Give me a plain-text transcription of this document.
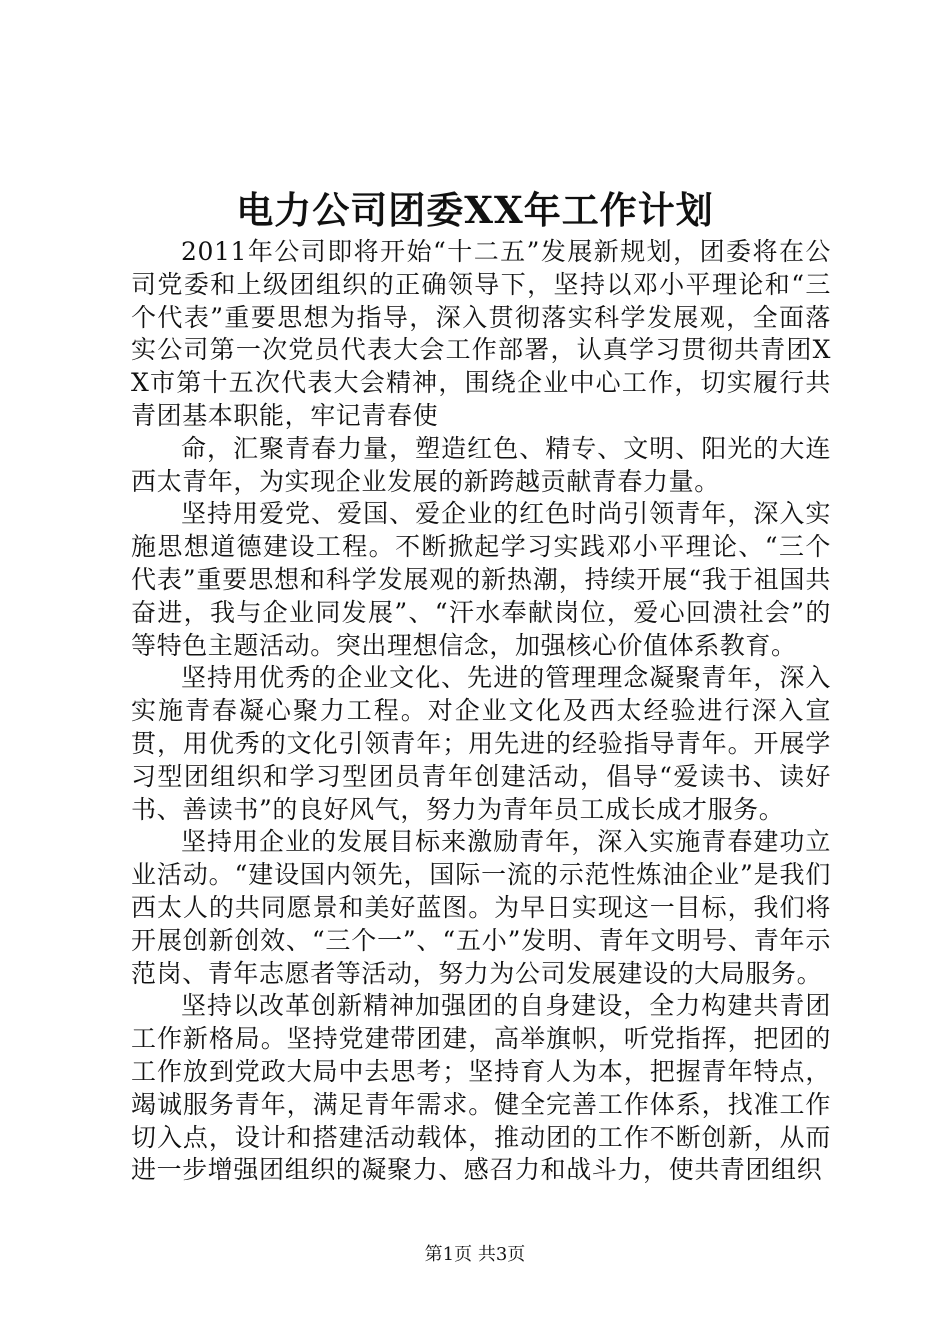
电力公司团委XX年工作计划

2011年公司即将开始“十二五”发展新规划，团委将在公司党委和上级团组织的正确领导下，坚持以邓小平理论和“三个代表”重要思想为指导，深入贯彻落实科学发展观，全面落实公司第一次党员代表大会工作部署，认真学习贯彻共青团XX市第十五次代表大会精神，围绕企业中心工作，切实履行共青团基本职能，牢记青春使

命，汇聚青春力量，塑造红色、精专、文明、阳光的大连西太青年，为实现企业发展的新跨越贡献青春力量。

坚持用爱党、爱国、爱企业的红色时尚引领青年，深入实施思想道德建设工程。不断掀起学习实践邓小平理论、“三个代表”重要思想和科学发展观的新热潮，持续开展“我于祖国共奋进，我与企业同发展”、“汗水奉献岗位，爱心回溃社会”的等特色主题活动。突出理想信念，加强核心价值体系教育。

坚持用优秀的企业文化、先进的管理理念凝聚青年，深入实施青春凝心聚力工程。对企业文化及西太经验进行深入宣贯，用优秀的文化引领青年；用先进的经验指导青年。开展学习型团组织和学习型团员青年创建活动，倡导“爱读书、读好书、善读书”的良好风气，努力为青年员工成长成才服务。

坚持用企业的发展目标来激励青年，深入实施青春建功立业活动。“建设国内领先，国际一流的示范性炼油企业”是我们西太人的共同愿景和美好蓝图。为早日实现这一目标，我们将开展创新创效、“三个一”、“五小”发明、青年文明号、青年示范岗、青年志愿者等活动，努力为公司发展建设的大局服务。

坚持以改革创新精神加强团的自身建设，全力构建共青团工作新格局。坚持党建带团建，高举旗帜，听党指挥，把团的工作放到党政大局中去思考；坚持育人为本，把握青年特点，竭诚服务青年，满足青年需求。健全完善工作体系，找准工作切入点，设计和搭建活动载体，推动团的工作不断创新，从而进一步增强团组织的凝聚力、感召力和战斗力，使共青团组织

第1页 共3页
